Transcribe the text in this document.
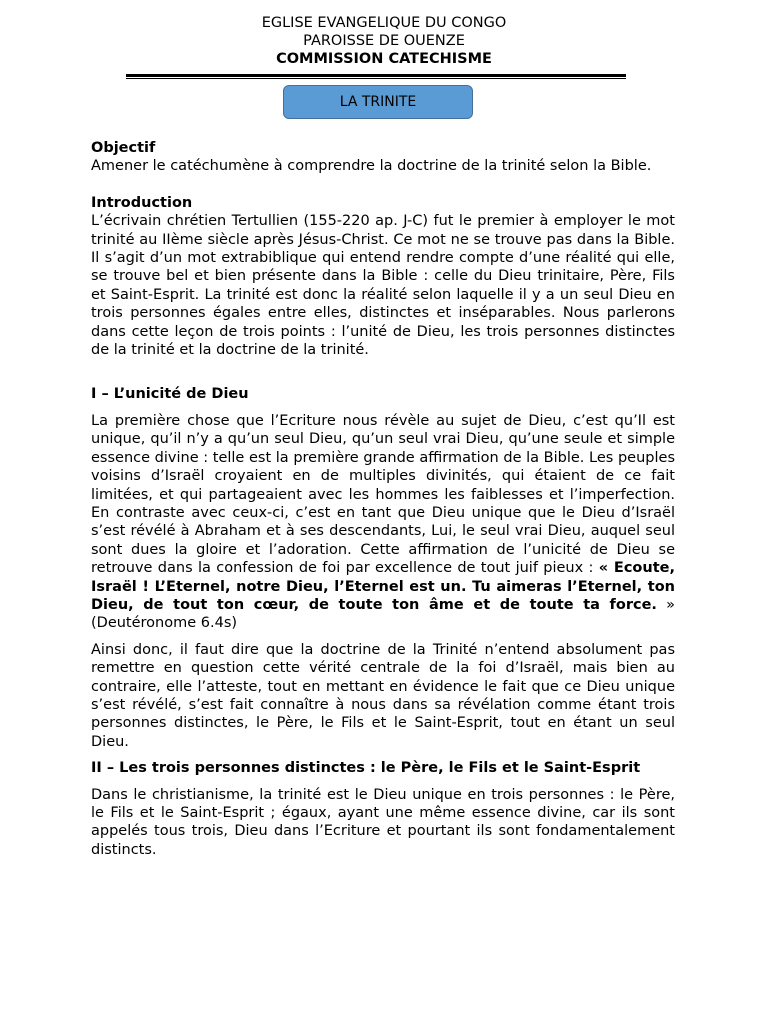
EGLISE EVANGELIQUE DU CONGO
PAROISSE DE OUENZE
COMMISSION CATECHISME
LA TRINITE
Objectif

Amener le catéchumène à comprendre la doctrine de la trinité selon la Bible.

Introduction

L’écrivain chrétien Tertullien (155-220 ap. J-C) fut le premier à employer le mot trinité au IIème siècle après Jésus-Christ. Ce mot ne se trouve pas dans la Bible. Il s’agit d’un mot extrabiblique qui entend rendre compte d’une réalité qui elle, se trouve bel et bien présente dans la Bible : celle du Dieu trinitaire, Père, Fils et Saint-Esprit. La trinité est donc la réalité selon laquelle il y a un seul Dieu en trois personnes égales entre elles, distinctes et inséparables. Nous parlerons dans cette leçon de trois points : l’unité de Dieu, les trois personnes distinctes de la trinité et la doctrine de la trinité.

I – L’unicité de Dieu

La première chose que l’Ecriture nous révèle au sujet de Dieu, c’est qu’Il est unique, qu’il n’y a qu’un seul Dieu, qu’un seul vrai Dieu, qu’une seule et simple essence divine : telle est la première grande affirmation de la Bible. Les peuples voisins d’Israël croyaient en de multiples divinités, qui étaient de ce fait limitées, et qui partageaient avec les hommes les faiblesses et l’imperfection. En contraste avec ceux-ci, c’est en tant que Dieu unique que le Dieu d’Israël s’est révélé à Abraham et à ses descendants, Lui, le seul vrai Dieu, auquel seul sont dues la gloire et l’adoration. Cette affirmation de l’unicité de Dieu se retrouve dans la confession de foi par excellence de tout juif pieux : « Ecoute, Israël ! L’Eternel, notre Dieu, l’Eternel est un. Tu aimeras l’Eternel, ton Dieu, de tout ton cœur, de toute ton âme et de toute ta force. » (Deutéronome 6.4s)

Ainsi donc, il faut dire que la doctrine de la Trinité n’entend absolument pas remettre en question cette vérité centrale de la foi d’Israël, mais bien au contraire, elle l’atteste, tout en mettant en évidence le fait que ce Dieu unique s’est révélé, s’est fait connaître à nous dans sa révélation comme étant trois personnes distinctes, le Père, le Fils et le Saint-Esprit, tout en étant un seul Dieu.

II – Les trois personnes distinctes : le Père, le Fils et le Saint-Esprit

Dans le christianisme, la trinité est le Dieu unique en trois personnes : le Père, le Fils et le Saint-Esprit ; égaux, ayant une même essence divine, car ils sont appelés tous trois, Dieu dans l’Ecriture et pourtant ils sont fondamentalement distincts.
